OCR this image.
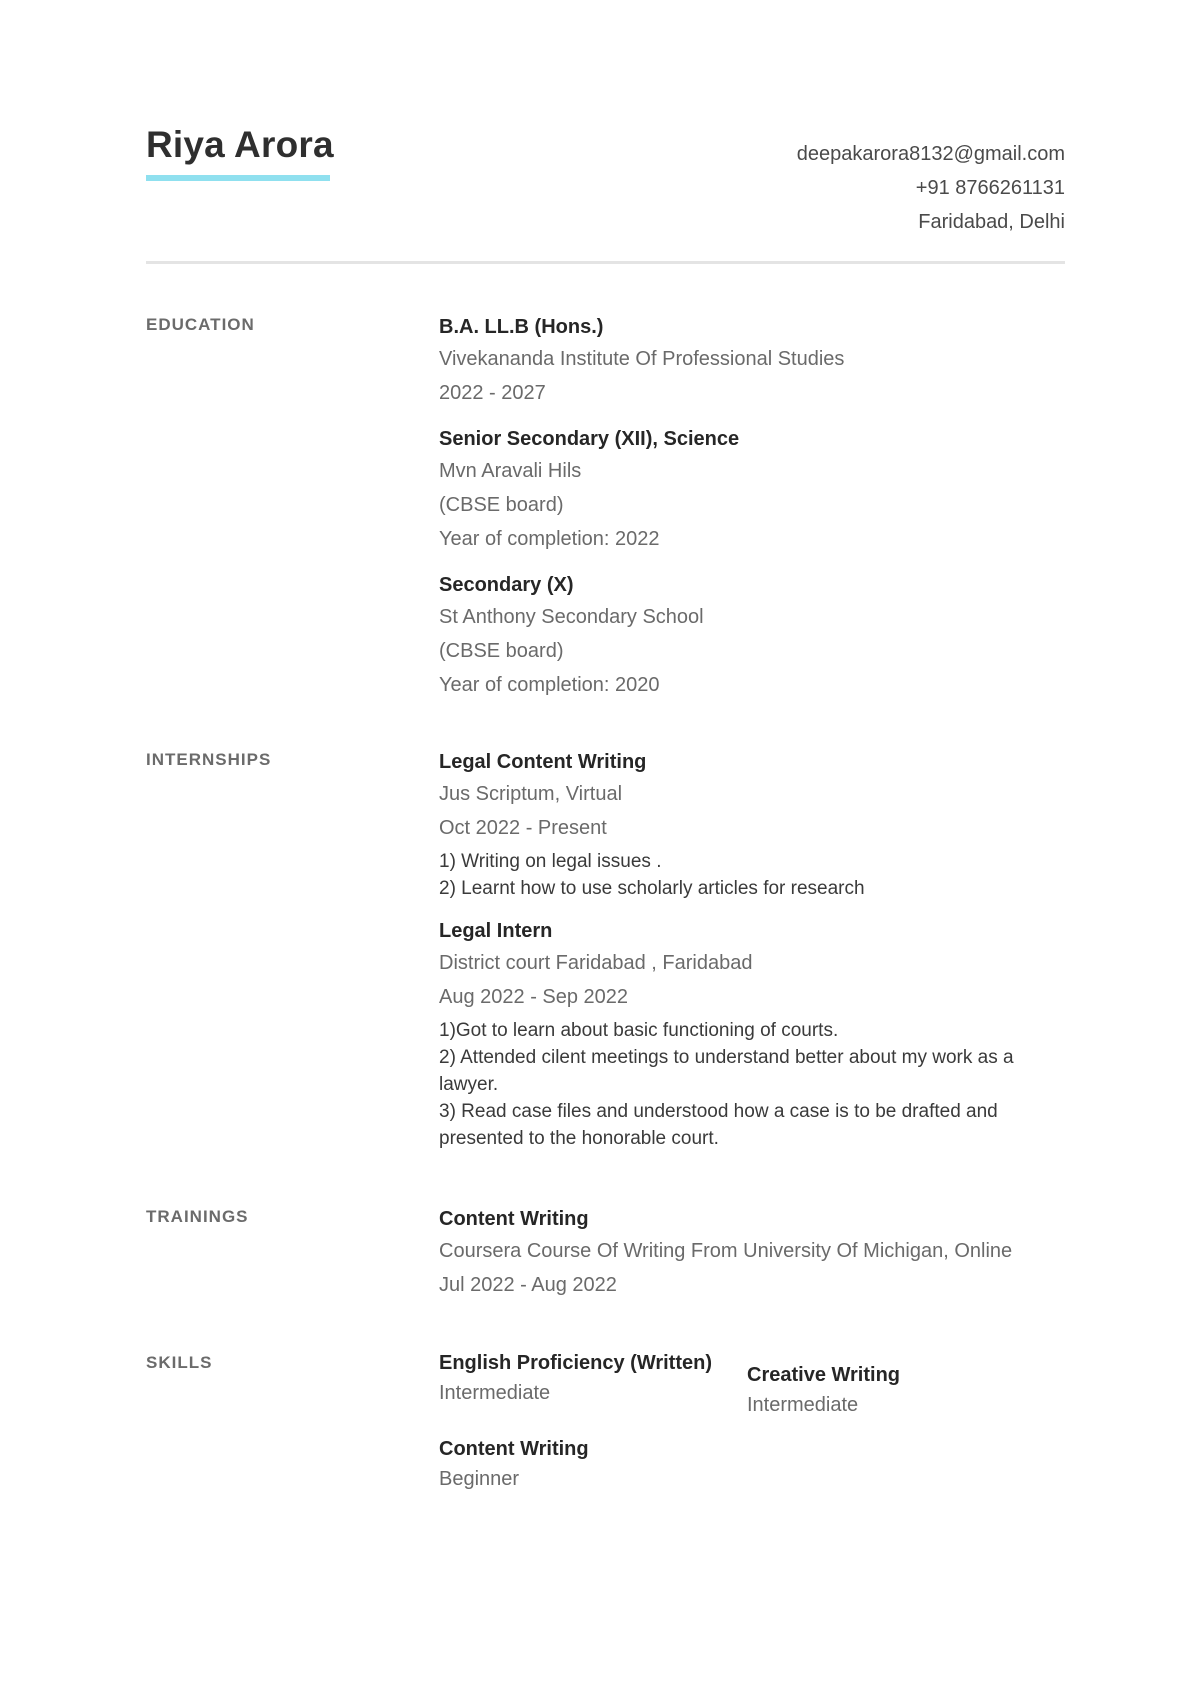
Riya Arora	deepakarora8132@gmail.com
+91 8766261131
Faridabad, Delhi
EDUCATION	B.A. LL.B (Hons.)
Vivekananda Institute Of Professional Studies
2022 - 2027
Senior Secondary (XII), Science
Mvn Aravali Hils
(CBSE board)
Year of completion: 2022
Secondary (X)
St Anthony Secondary School
(CBSE board)
Year of completion: 2020
INTERNSHIPS	Legal Content Writing
Jus Scriptum, Virtual
Oct 2022 - Present
1) Writing on legal issues .
2) Learnt how to use scholarly articles for research
Legal Intern
District court Faridabad , Faridabad
Aug 2022 - Sep 2022
1)Got to learn about basic functioning of courts.
2) Attended cilent meetings to understand better about my work as a lawyer.
3) Read case files and understood how a case is to be drafted and presented to the honorable court.
TRAININGS	Content Writing
Coursera Course Of Writing From University Of Michigan, Online
Jul 2022 - Aug 2022
SKILLS	English Proficiency (Written)
Intermediate
Creative Writing
Intermediate
Content Writing
Beginner
